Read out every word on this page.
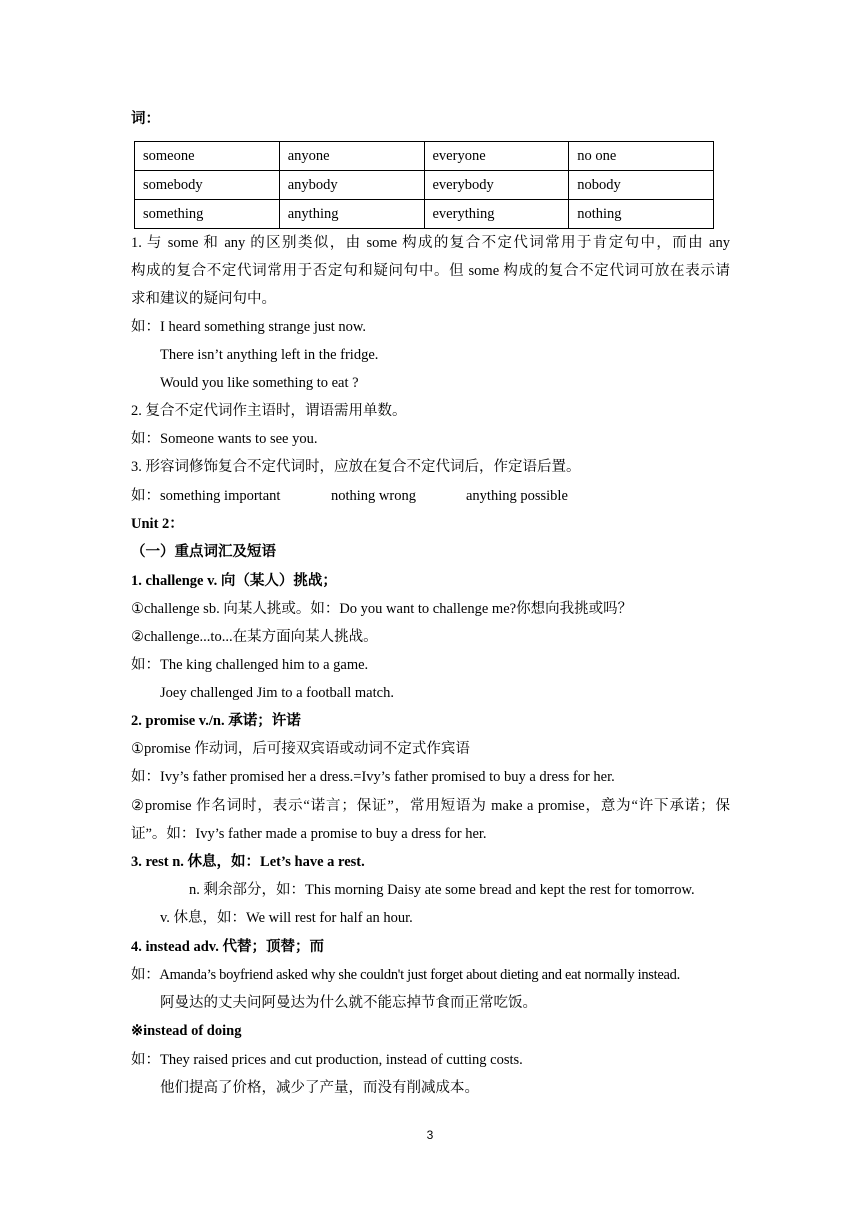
词：
someone	anyone	everyone	no one
somebody	anybody	everybody	nobody
something	anything	everything	nothing
1. 与 some 和 any 的区别类似，由 some 构成的复合不定代词常用于肯定句中，而由 any
构成的复合不定代词常用于否定句和疑问句中。但 some 构成的复合不定代词可放在表示请
求和建议的疑问句中。
如：I heard something strange just now.
There isn’t anything left in the fridge.
Would you like something to eat ?
2. 复合不定代词作主语时，谓语需用单数。
如：Someone wants to see you.
3. 形容词修饰复合不定代词时，应放在复合不定代词后，作定语后置。
如：something important	nothing wrong	anything possible
Unit 2：
（一）重点词汇及短语
1. challenge v. 向（某人）挑战；
①challenge sb. 向某人挑或。如：Do you want to challenge me?你想向我挑或吗？
②challenge...to...在某方面向某人挑战。
如：The king challenged him to a game.
Joey challenged Jim to a football match.
2. promise v./n. 承诺；许诺
①promise 作动词，后可接双宾语或动词不定式作宾语
如：Ivy’s father promised her a dress.=Ivy’s father promised to buy a dress for her.
②promise 作名词时，表示“诺言；保证”，常用短语为 make a promise，意为“许下承诺；保
证”。如：Ivy’s father made a promise to buy a dress for her.
3. rest n. 休息，如：Let’s have a rest.
n. 剩余部分，如：This morning Daisy ate some bread and kept the rest for tomorrow.
v. 休息，如：We will rest for half an hour.
4. instead adv. 代替；顶替；而
如：Amanda’s boyfriend asked why she couldn't just forget about dieting and eat normally instead.
阿曼达的丈夫问阿曼达为什么就不能忘掉节食而正常吃饭。
※instead of doing
如：They raised prices and cut production, instead of cutting costs.
他们提高了价格，减少了产量，而没有削减成本。
3
